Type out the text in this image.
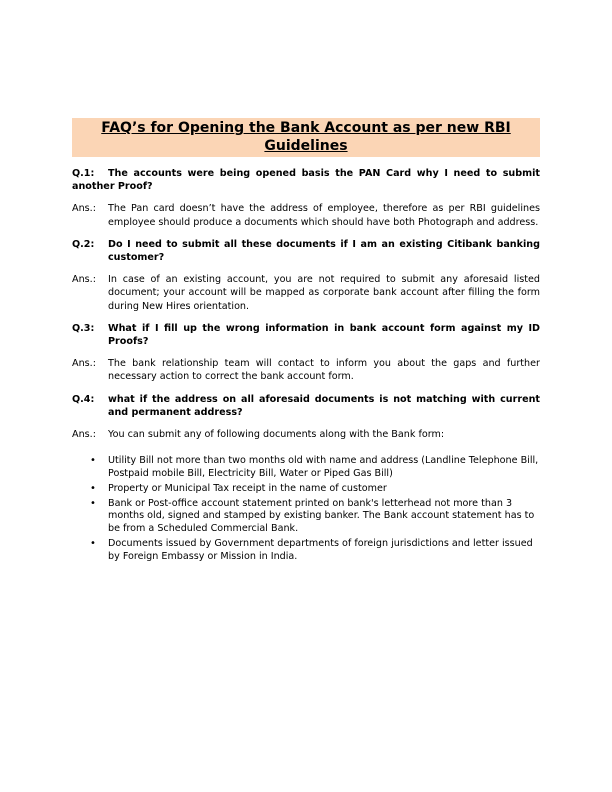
FAQ’s for Opening the Bank Account as per new RBI Guidelines
Q.1: The accounts were being opened basis the PAN Card why I need to submit another Proof?
Ans.:	The Pan card doesn’t have the address of employee, therefore as per RBI guidelines employee should produce a documents which should have both Photograph and address.
Q.2:	Do I need to submit all these documents if I am an existing Citibank banking customer?
Ans.:	In case of an existing account, you are not required to submit any aforesaid listed document; your account will be mapped as corporate bank account after filling the form during New Hires orientation.
Q.3:	What if I fill up the wrong information in bank account form against my ID Proofs?
Ans.:	The bank relationship team will contact to inform you about the gaps and further necessary action to correct the bank account form.
Q.4:	what if the address on all aforesaid documents is not matching with current and permanent address?
Ans.:	You can submit any of following documents along with the Bank form:
• Utility Bill not more than two months old with name and address (Landline Telephone Bill, Postpaid mobile Bill, Electricity Bill, Water or Piped Gas Bill)
• Property or Municipal Tax receipt in the name of customer
• Bank or Post-office account statement printed on bank's letterhead not more than 3 months old, signed and stamped by existing banker. The Bank account statement has to be from a Scheduled Commercial Bank.
• Documents issued by Government departments of foreign jurisdictions and letter issued by Foreign Embassy or Mission in India.
